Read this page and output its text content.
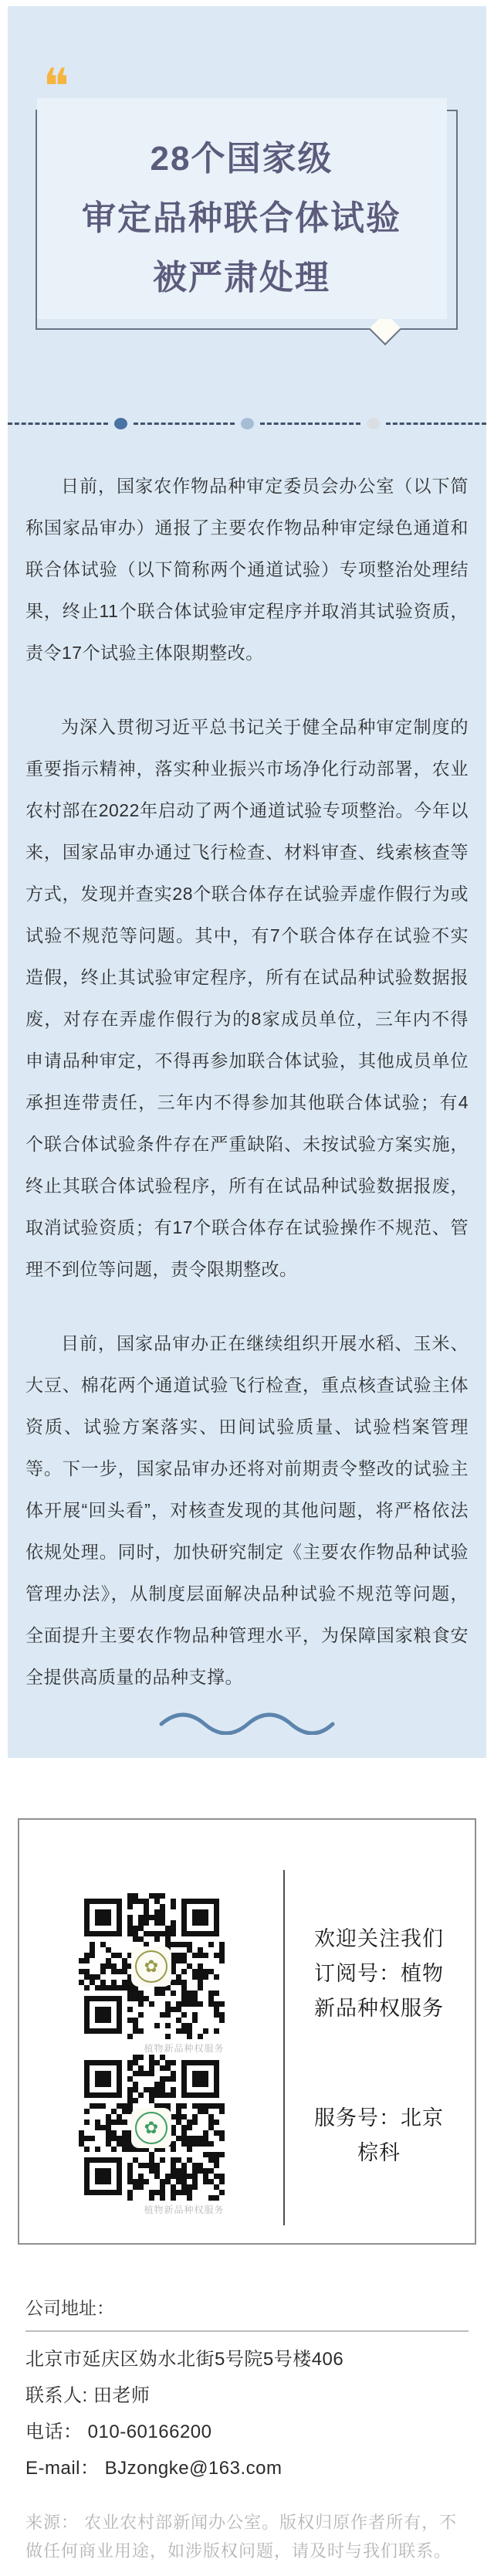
❝
28个国家级
审定品种联合体试验
被严肃处理

日前，国家农作物品种审定委员会办公室（以下简称国家品审办）通报了主要农作物品种审定绿色通道和联合体试验（以下简称两个通道试验）专项整治处理结果，终止11个联合体试验审定程序并取消其试验资质，责令17个试验主体限期整改。

为深入贯彻习近平总书记关于健全品种审定制度的重要指示精神，落实种业振兴市场净化行动部署，农业农村部在2022年启动了两个通道试验专项整治。今年以来，国家品审办通过飞行检查、材料审查、线索核查等方式，发现并查实28个联合体存在试验弄虚作假行为或试验不规范等问题。其中，有7个联合体存在试验不实造假，终止其试验审定程序，所有在试品种试验数据报废，对存在弄虚作假行为的8家成员单位，三年内不得申请品种审定，不得再参加联合体试验，其他成员单位承担连带责任，三年内不得参加其他联合体试验；有4个联合体试验条件存在严重缺陷、未按试验方案实施，终止其联合体试验程序，所有在试品种试验数据报废，取消试验资质；有17个联合体存在试验操作不规范、管理不到位等问题，责令限期整改。

目前，国家品审办正在继续组织开展水稻、玉米、大豆、棉花两个通道试验飞行检查，重点核查试验主体资质、试验方案落实、田间试验质量、试验档案管理等。下一步，国家品审办还将对前期责令整改的试验主体开展“回头看”，对核查发现的其他问题，将严格依法依规处理。同时，加快研究制定《主要农作物品种试验管理办法》，从制度层面解决品种试验不规范等问题，全面提升主要农作物品种管理水平，为保障国家粮食安全提供高质量的品种支撑。

✿
植物新品种权服务
欢迎关注我们
订阅号：植物
新品种权服务
✿
植物新品种权服务
服务号：北京
棕科
公司地址：
北京市延庆区妫水北街5号院5号楼406
联系人: 田老师
电话： 010-60166200
E-mail： BJzongke@163.com
来源： 农业农村部新闻办公室。版权归原作者所有，不做任何商业用途，如涉版权问题，请及时与我们联系。
